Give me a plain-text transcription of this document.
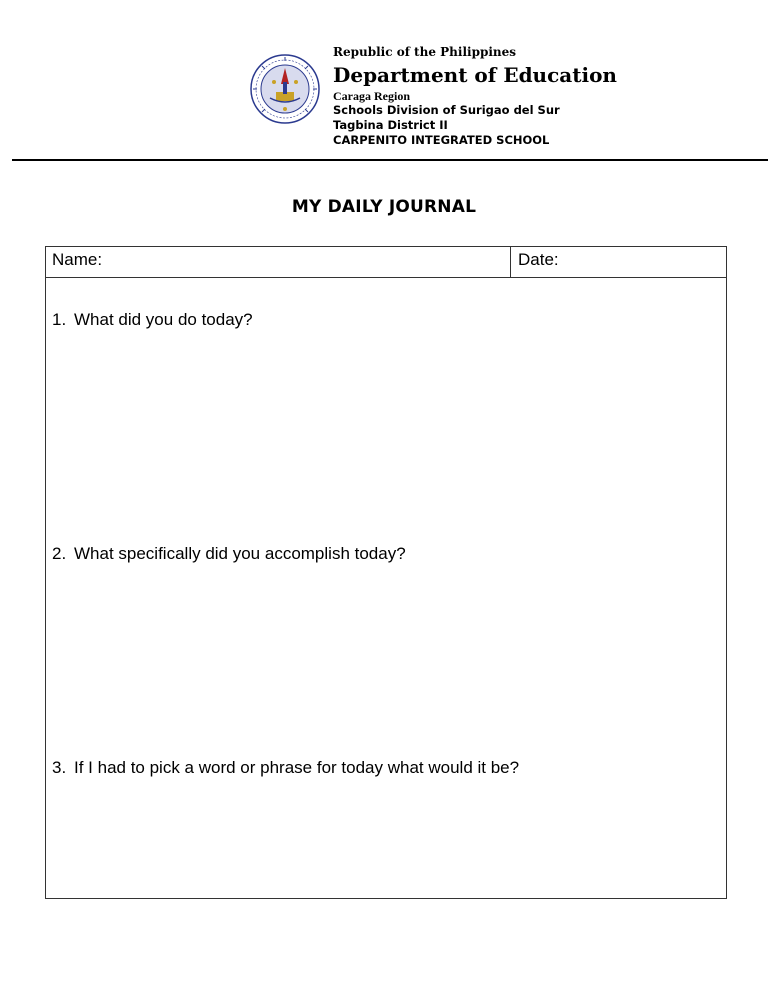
Republic of the Philippines
Department of Education
Caraga Region
Schools Division of Surigao del Sur
Tagbina District II
CARPENITO INTEGRATED SCHOOL
MY DAILY JOURNAL
Name:	Date:
1. What did you do today?
2. What specifically did you accomplish today?
3. If I had to pick a word or phrase for today what would it be?
